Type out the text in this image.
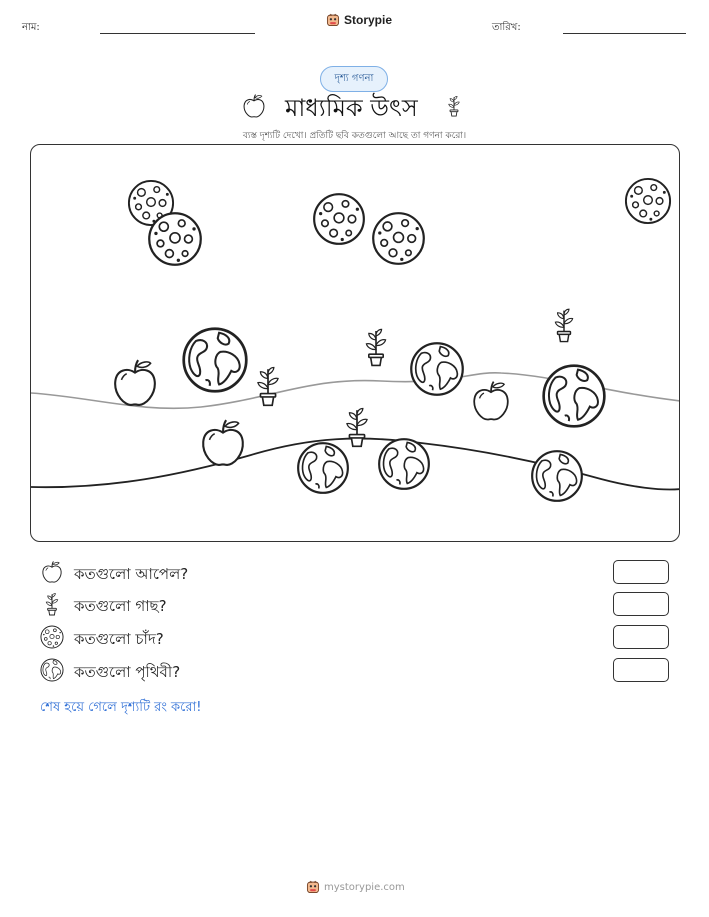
নাম:
Storypie
তারিখ:
দৃশ্য গণনা
মাধ্যমিক উৎস
ব্যস্ত দৃশ্যটি দেখো। প্রতিটি ছবি কতগুলো আছে তা গণনা করো।
কতগুলো আপেল?
কতগুলো গাছ?
কতগুলো চাঁদ?
কতগুলো পৃথিবী?
শেষ হয়ে গেলে দৃশ্যটি রং করো!
mystorypie.com
